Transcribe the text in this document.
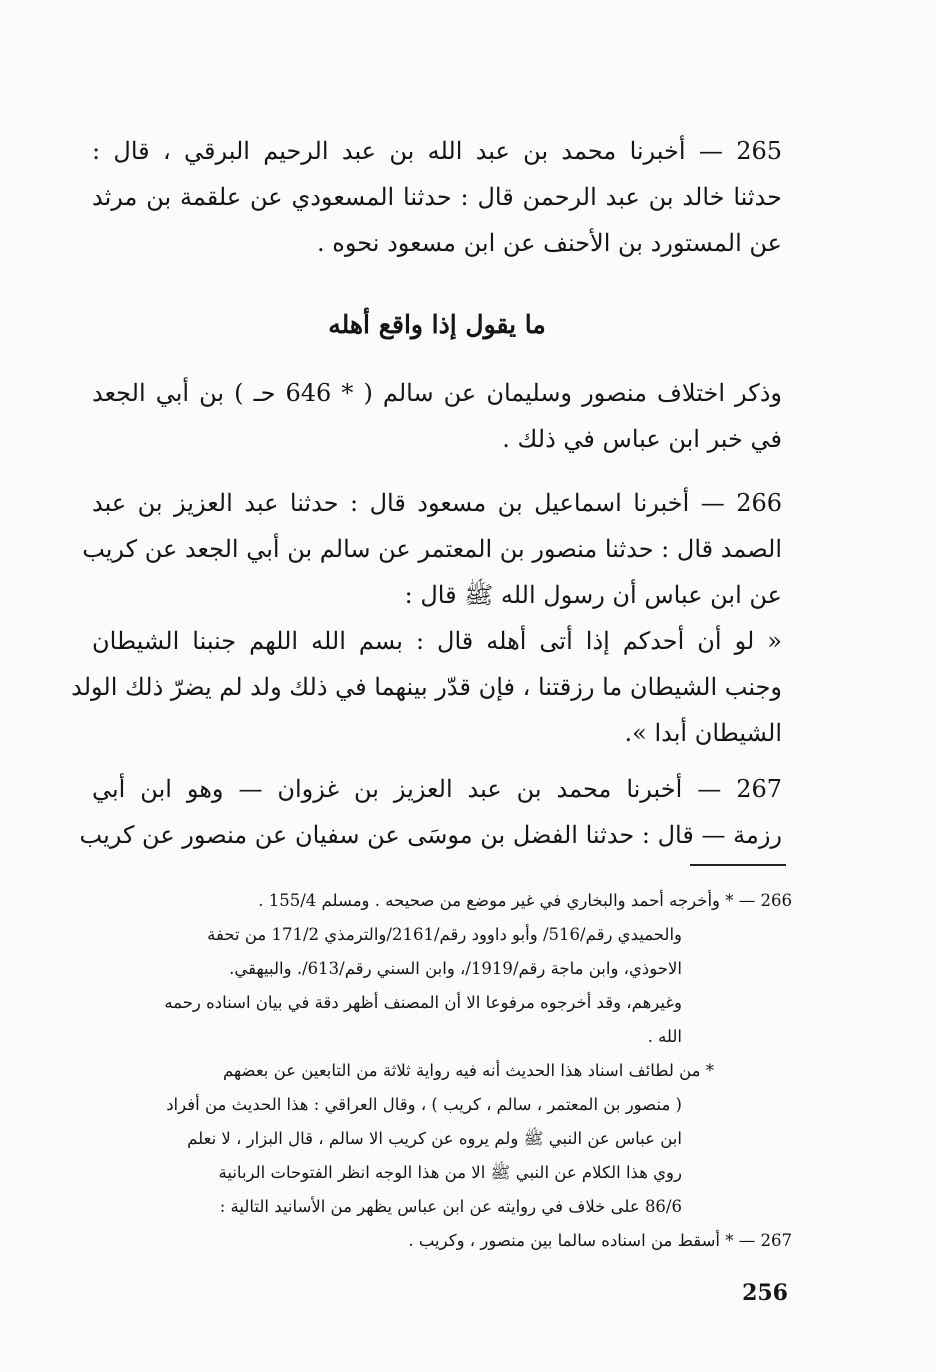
265 — أخبرنا محمد بن عبد الله بن عبد الرحيم البرقي ، قال :
حدثنا خالد بن عبد الرحمن قال : حدثنا المسعودي عن علقمة بن مرثد
عن المستورد بن الأحنف عن ابن مسعود نحوه .
ما يقول إذا واقع أهله
وذكر اختلاف منصور وسليمان عن سالم ( * 646 حـ ) بن أبي الجعد
في خبر ابن عباس في ذلك .
266 — أخبرنا اسماعيل بن مسعود قال : حدثنا عبد العزيز بن عبد
الصمد قال : حدثنا منصور بن المعتمر عن سالم بن أبي الجعد عن كريب
عن ابن عباس أن رسول الله ﷺ قال :
« لو أن أحدكم إذا أتى أهله قال : بسم الله اللهم جنبنا الشيطان
وجنب الشيطان ما رزقتنا ، فإن قدّر بينهما في ذلك ولد لم يضرّ ذلك الولد
الشيطان أبدا ».
267 — أخبرنا محمد بن عبد العزيز بن غزوان — وهو ابن أبي
رزمة — قال : حدثنا الفضل بن موسَى عن سفيان عن منصور عن كريب
266 — * وأخرجه أحمد والبخاري في غير موضع من صحيحه . ومسلم 155/4 .
والحميدي رقم/516/ وأبو داوود رقم/2161/والترمذي 171/2 من تحفة
الاحوذي، وابن ماجة رقم/1919/، وابن السني رقم/613/. والبيهقي.
وغيرهم، وقد أخرجوه مرفوعا الا أن المصنف أظهر دقة في بيان اسناده رحمه
الله .
* من لطائف اسناد هذا الحديث أنه فيه رواية ثلاثة من التابعين عن بعضهم
( منصور بن المعتمر ، سالم ، كريب ) ، وقال العراقي : هذا الحديث من أفراد
ابن عباس عن النبي ﷺ ولم يروه عن كريب الا سالم ، قال البزار ، لا نعلم
روي هذا الكلام عن النبي ﷺ الا من هذا الوجه انظر الفتوحات الربانية
86/6 على خلاف في روايته عن ابن عباس يظهر من الأسانيد التالية :
267 — * أسقط من اسناده سالما بين منصور ، وكريب .
256
